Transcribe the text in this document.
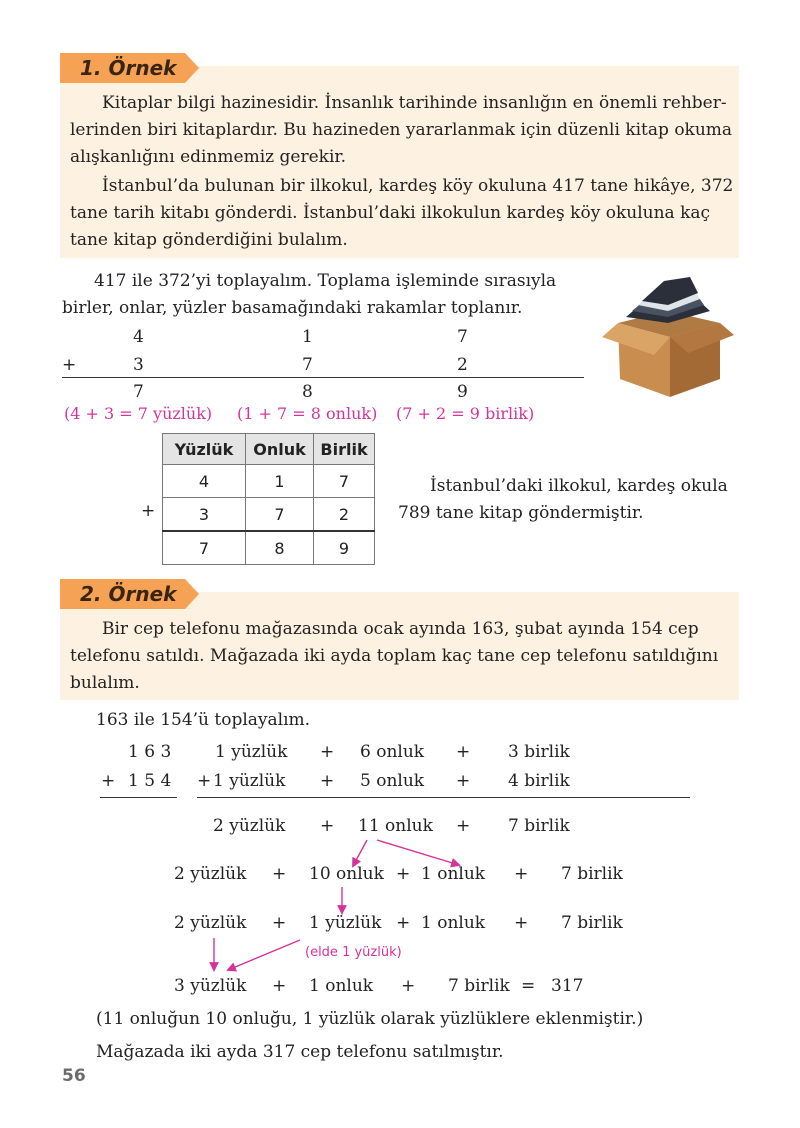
1. Örnek
Kitaplar bilgi hazinesidir. İnsanlık tarihinde insanlığın en önemli rehber-
lerinden biri kitaplardır. Bu hazineden yararlanmak için düzenli kitap okuma
alışkanlığını edinmemiz gerekir.
İstanbul’da bulunan bir ilkokul, kardeş köy okuluna 417 tane hikâye, 372
tane tarih kitabı gönderdi. İstanbul’daki ilkokulun kardeş köy okuluna kaç
tane kitap gönderdiğini bulalım.
417 ile 372’yi toplayalım. Toplama işleminde sırasıyla
birler, onlar, yüzler basamağındaki rakamlar toplanır.
4	1	7
+	3	7	2
7	8	9
(4 + 3 = 7 yüzlük) (1 + 7 = 8 onluk) (7 + 2 = 9 birlik)
Yüzlük	Onluk	Birlik
4	1	7
3	7	2
7	8	9
+
İstanbul’daki ilkokul, kardeş okula
789 tane kitap göndermiştir.
2. Örnek
Bir cep telefonu mağazasında ocak ayında 163, şubat ayında 154 cep
telefonu satıldı. Mağazada iki ayda toplam kaç tane cep telefonu satıldığını
bulalım.
163 ile 154’ü toplayalım.
1 6 3
+ 1 5 4
1 yüzlük + 6 onluk + 3 birlik
+ 1 yüzlük + 5 onluk + 4 birlik
2 yüzlük + 11 onluk + 7 birlik
2 yüzlük + 10 onluk + 1 onluk + 7 birlik
2 yüzlük + 1 yüzlük + 1 onluk + 7 birlik
(elde 1 yüzlük)
3 yüzlük + 1 onluk + 7 birlik = 317
(11 onluğun 10 onluğu, 1 yüzlük olarak yüzlüklere eklenmiştir.)
Mağazada iki ayda 317 cep telefonu satılmıştır.
56
